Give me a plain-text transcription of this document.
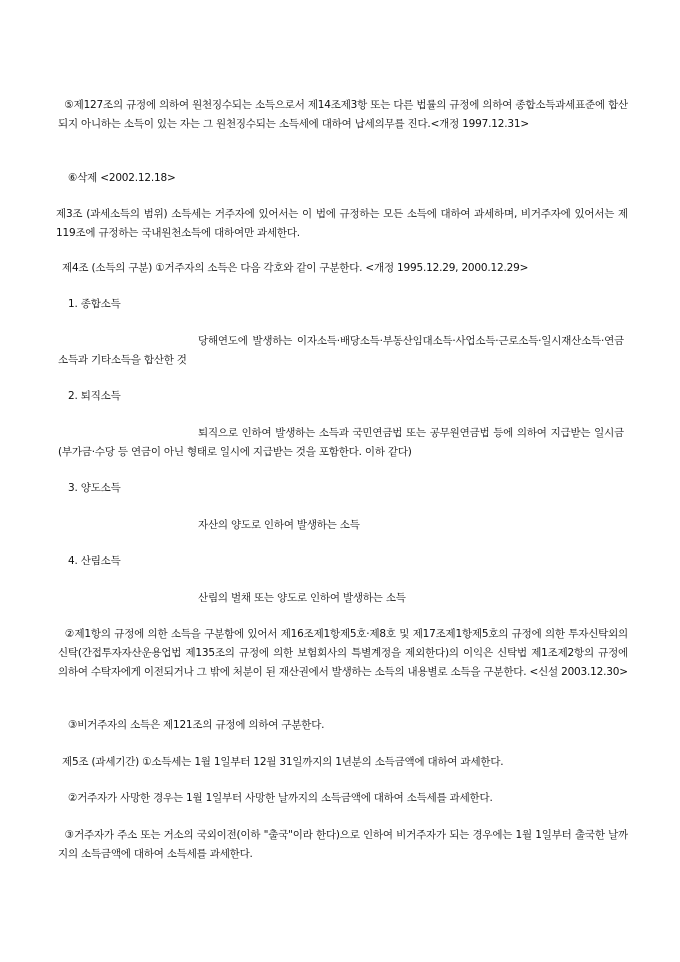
⑤제127조의 규정에 의하여 원천징수되는 소득으로서 제14조제3항 또는 다른 법률의 규정에 의하여 종합소득과세표준에 합산되지 아니하는 소득이 있는 자는 그 원천징수되는 소득세에 대하여 납세의무를 진다.<개정 1997.12.31>
⑥삭제 <2002.12.18>
제3조 (과세소득의 범위) 소득세는 거주자에 있어서는 이 법에 규정하는 모든 소득에 대하여 과세하며, 비거주자에 있어서는 제119조에 규정하는 국내원천소득에 대하여만 과세한다.
제4조 (소득의 구분) ①거주자의 소득은 다음 각호와 같이 구분한다. <개정 1995.12.29, 2000.12.29>
1. 종합소득
당해연도에 발생하는 이자소득·배당소득·부동산임대소득·사업소득·근로소득·일시재산소득·연금소득과 기타소득을 합산한 것
2. 퇴직소득
퇴직으로 인하여 발생하는 소득과 국민연금법 또는 공무원연금법 등에 의하여 지급받는 일시금(부가금·수당 등 연금이 아닌 형태로 일시에 지급받는 것을 포함한다. 이하 같다)
3. 양도소득
자산의 양도로 인하여 발생하는 소득
4. 산림소득
산림의 벌채 또는 양도로 인하여 발생하는 소득
②제1항의 규정에 의한 소득을 구분함에 있어서 제16조제1항제5호·제8호 및 제17조제1항제5호의 규정에 의한 투자신탁외의 신탁(간접투자자산운용업법 제135조의 규정에 의한 보험회사의 특별계정을 제외한다)의 이익은 신탁법 제1조제2항의 규정에 의하여 수탁자에게 이전되거나 그 밖에 처분이 된 재산권에서 발생하는 소득의 내용별로 소득을 구분한다. <신설 2003.12.30>
③비거주자의 소득은 제121조의 규정에 의하여 구분한다.
제5조 (과세기간) ①소득세는 1월 1일부터 12월 31일까지의 1년분의 소득금액에 대하여 과세한다.
②거주자가 사망한 경우는 1월 1일부터 사망한 날까지의 소득금액에 대하여 소득세를 과세한다.
③거주자가 주소 또는 거소의 국외이전(이하 "출국"이라 한다)으로 인하여 비거주자가 되는 경우에는 1월 1일부터 출국한 날까지의 소득금액에 대하여 소득세를 과세한다.
